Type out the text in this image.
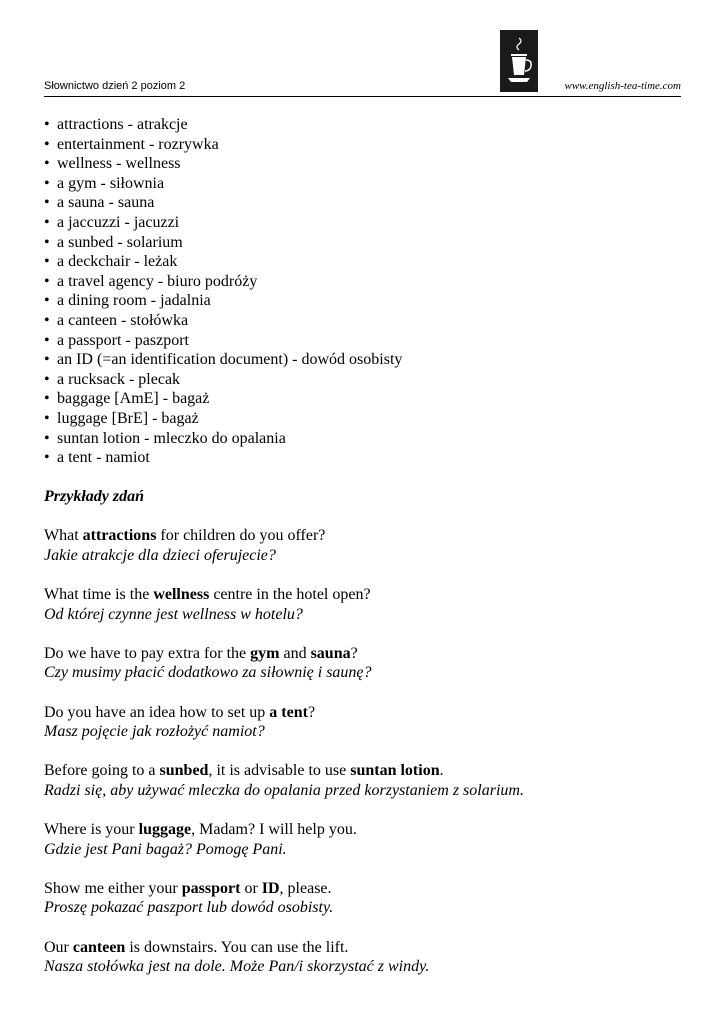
Słownictwo dzień 2 poziom 2	www.english-tea-time.com
• attractions - atrakcje
• entertainment - rozrywka
• wellness - wellness
• a gym - siłownia
• a sauna - sauna
• a jaccuzzi - jacuzzi
• a sunbed - solarium
• a deckchair - leżak
• a travel agency - biuro podróży
• a dining room - jadalnia
• a canteen - stołówka
• a passport - paszport
• an ID (=an identification document) - dowód osobisty
• a rucksack - plecak
• baggage [AmE] - bagaż
• luggage [BrE] - bagaż
• suntan lotion - mleczko do opalania
• a tent - namiot
Przykłady zdań
What attractions for children do you offer?
Jakie atrakcje dla dzieci oferujecie?
What time is the wellness centre in the hotel open?
Od której czynne jest wellness w hotelu?
Do we have to pay extra for the gym and sauna?
Czy musimy płacić dodatkowo za siłownię i saunę?
Do you have an idea how to set up a tent?
Masz pojęcie jak rozłożyć namiot?
Before going to a sunbed, it is advisable to use suntan lotion.
Radzi się, aby używać mleczka do opalania przed korzystaniem z solarium.
Where is your luggage, Madam? I will help you.
Gdzie jest Pani bagaż? Pomogę Pani.
Show me either your passport or ID, please.
Proszę pokazać paszport lub dowód osobisty.
Our canteen is downstairs. You can use the lift.
Nasza stołówka jest na dole. Może Pan/i skorzystać z windy.
